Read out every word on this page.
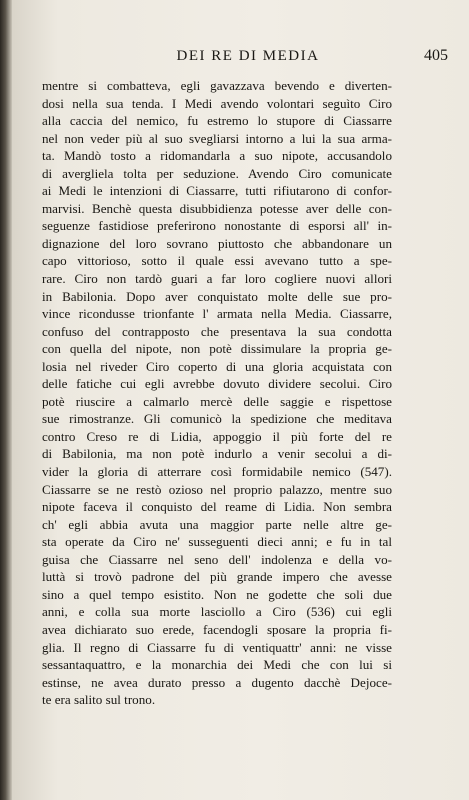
DEI RE DI MEDIA	405
mentre si combatteva, egli gavazzava bevendo e diverten-
dosi nella sua tenda. I Medi avendo volontari seguìto Ciro
alla caccia del nemico, fu estremo lo stupore di Ciassarre
nel non veder più al suo svegliarsi intorno a lui la sua arma-
ta. Mandò tosto a ridomandarla a suo nipote, accusandolo
di avergliela tolta per seduzione. Avendo Ciro comunicate
ai Medi le intenzioni di Ciassarre, tutti rifiutarono di confor-
marvisi. Benchè questa disubbidienza potesse aver delle con-
seguenze fastidiose preferirono nonostante di esporsi all' in-
dignazione del loro sovrano piuttosto che abbandonare un
capo vittorioso, sotto il quale essi avevano tutto a spe-
rare. Ciro non tardò guari a far loro cogliere nuovi allori
in Babilonia. Dopo aver conquistato molte delle sue pro-
vince ricondusse trionfante l' armata nella Media. Ciassarre,
confuso del contrapposto che presentava la sua condotta
con quella del nipote, non potè dissimulare la propria ge-
losia nel riveder Ciro coperto di una gloria acquistata con
delle fatiche cui egli avrebbe dovuto dividere secolui. Ciro
potè riuscire a calmarlo mercè delle saggie e rispettose
sue rimostranze. Gli comunicò la spedizione che meditava
contro Creso re di Lidia, appoggio il più forte del re
di Babilonia, ma non potè indurlo a venir secolui a di-
vider la gloria di atterrare così formidabile nemico (547).
Ciassarre se ne restò ozioso nel proprio palazzo, mentre suo
nipote faceva il conquisto del reame di Lidia. Non sembra
ch' egli abbia avuta una maggior parte nelle altre ge-
sta operate da Ciro ne' susseguenti dieci anni; e fu in tal
guisa che Ciassarre nel seno dell' indolenza e della vo-
luttà si trovò padrone del più grande impero che avesse
sino a quel tempo esistito. Non ne godette che soli due
anni, e colla sua morte lasciollo a Ciro (536) cui egli
avea dichiarato suo erede, facendogli sposare la propria fi-
glia. Il regno di Ciassarre fu di ventiquattr' anni: ne visse
sessantaquattro, e la monarchia dei Medi che con lui si
estinse, ne avea durato presso a dugento dacchè Dejoce-
te era salito sul trono.
